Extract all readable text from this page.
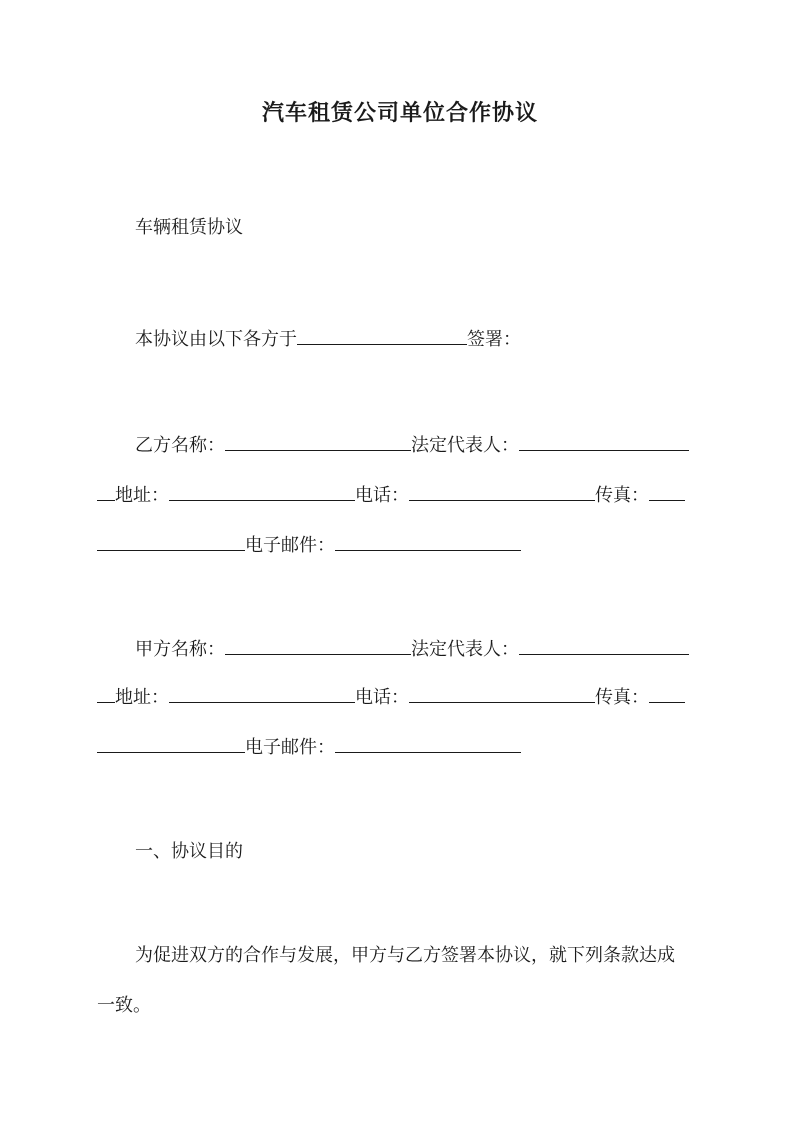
汽车租赁公司单位合作协议

车辆租赁协议

本协议由以下各方于	签署：

乙方名称：	法定代表人：

地址：	电话：	传真：

电子邮件：

甲方名称：	法定代表人：

地址：	电话：	传真：

电子邮件：

一、协议目的

为促进双方的合作与发展，甲方与乙方签署本协议，就下列条款达成

一致。
